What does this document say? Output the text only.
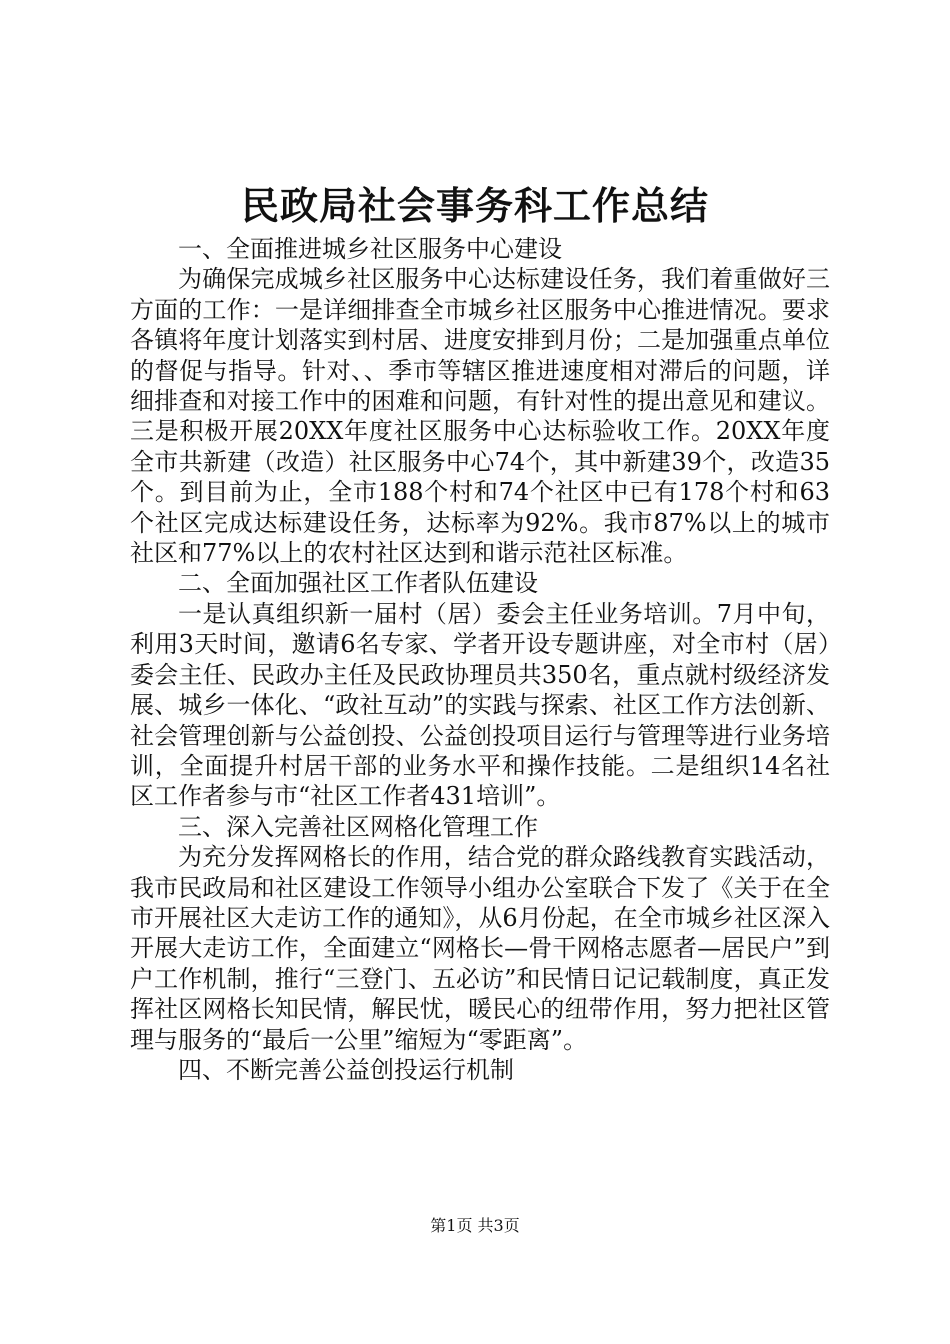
民政局社会事务科工作总结

一、全面推进城乡社区服务中心建设

为确保完成城乡社区服务中心达标建设任务，我们着重做好三方面的工作：一是详细排查全市城乡社区服务中心推进情况。要求各镇将年度计划落实到村居、进度安排到月份；二是加强重点单位的督促与指导。针对、、季市等辖区推进速度相对滞后的问题，详细排查和对接工作中的困难和问题，有针对性的提出意见和建议。三是积极开展20XX年度社区服务中心达标验收工作。20XX年度全市共新建（改造）社区服务中心74个，其中新建39个，改造35个。到目前为止，全市188个村和74个社区中已有178个村和63个社区完成达标建设任务，达标率为92%。我市87%以上的城市社区和77%以上的农村社区达到和谐示范社区标准。

二、全面加强社区工作者队伍建设

一是认真组织新一届村（居）委会主任业务培训。7月中旬，利用3天时间，邀请6名专家、学者开设专题讲座，对全市村（居）委会主任、民政办主任及民政协理员共350名，重点就村级经济发展、城乡一体化、“政社互动”的实践与探索、社区工作方法创新、社会管理创新与公益创投、公益创投项目运行与管理等进行业务培训，全面提升村居干部的业务水平和操作技能。二是组织14名社区工作者参与市“社区工作者431培训”。

三、深入完善社区网格化管理工作

为充分发挥网格长的作用，结合党的群众路线教育实践活动，我市民政局和社区建设工作领导小组办公室联合下发了《关于在全市开展社区大走访工作的通知》，从6月份起，在全市城乡社区深入开展大走访工作，全面建立“网格长—骨干网格志愿者—居民户”到户工作机制，推行“三登门、五必访”和民情日记记载制度，真正发挥社区网格长知民情，解民忧，暖民心的纽带作用，努力把社区管理与服务的“最后一公里”缩短为“零距离”。

四、不断完善公益创投运行机制

第1页 共3页
